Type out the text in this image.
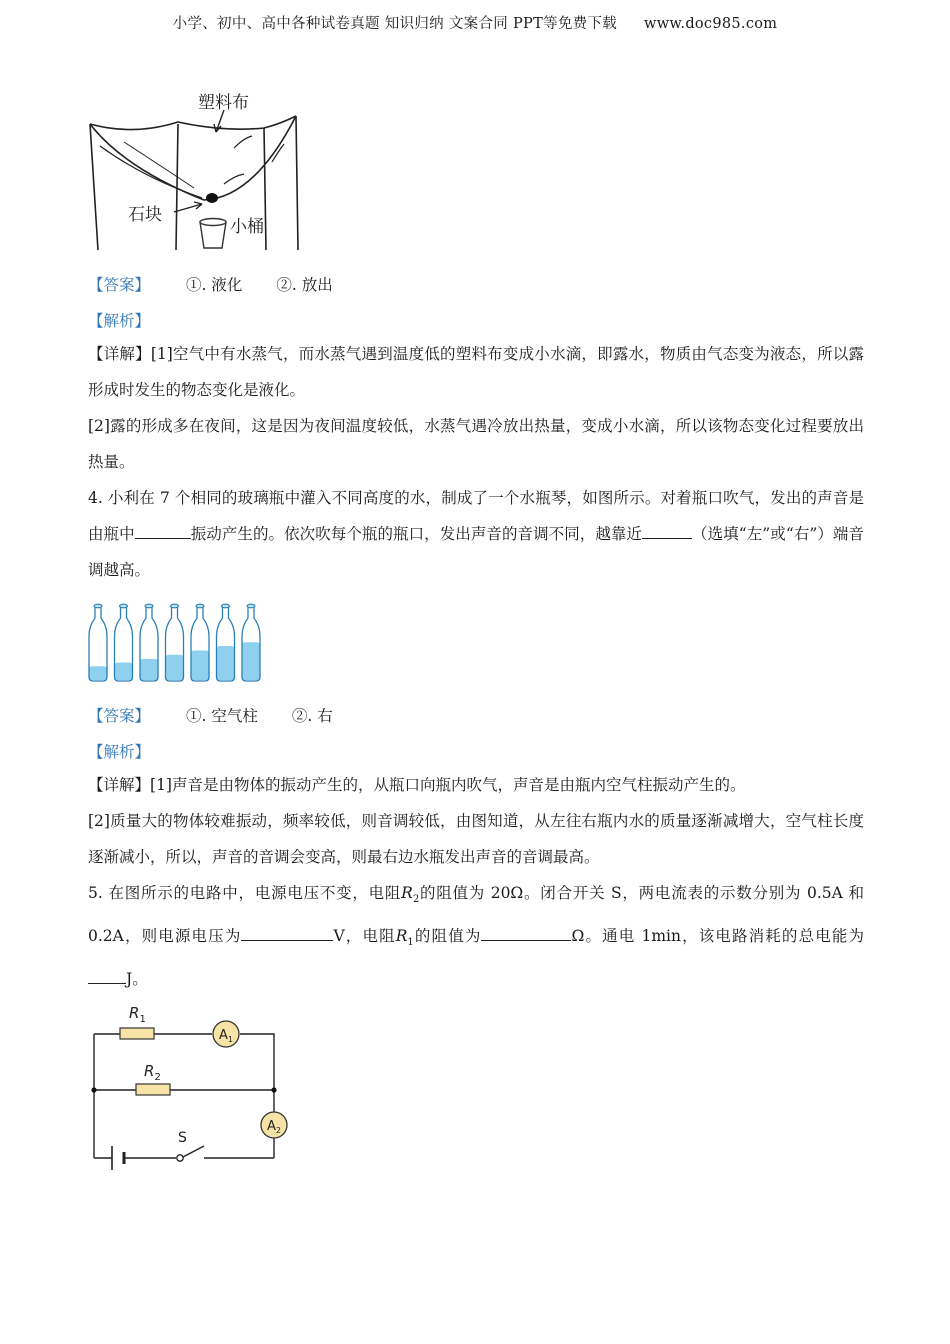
小学、初中、高中各种试卷真题 知识归纳 文案合同 PPT等免费下载 www.doc985.com
塑料布
石块
小桶
【答案】 ①. 液化 ②. 放出
【解析】
【详解】[1]空气中有水蒸气，而水蒸气遇到温度低的塑料布变成小水滴，即露水，物质由气态变为液态，所以露形成时发生的物态变化是液化。
[2]露的形成多在夜间，这是因为夜间温度较低，水蒸气遇冷放出热量，变成小水滴，所以该物态变化过程要放出热量。
4. 小利在 7 个相同的玻璃瓶中灌入不同高度的水，制成了一个水瓶琴，如图所示。对着瓶口吹气，发出的声音是由瓶中	振动产生的。依次吹每个瓶的瓶口，发出声音的音调不同，越靠近	（选填“左”或“右”）端音调越高。
【答案】 ①. 空气柱 ②. 右
【解析】
【详解】[1]声音是由物体的振动产生的，从瓶口向瓶内吹气，声音是由瓶内空气柱振动产生的。
[2]质量大的物体较难振动，频率较低，则音调较低，由图知道，从左往右瓶内水的质量逐渐减增大，空气柱长度逐渐减小，所以，声音的音调会变高，则最右边水瓶发出声音的音调最高。
5. 在图所示的电路中，电源电压不变，电阻$R_2$的阻值为 20Ω。闭合开关 S，两电流表的示数分别为 0.5A 和0.2A，则电源电压为	V，电阻$R_1$的阻值为	Ω。通电 1min，该电路消耗的总电能为J。
$R_1$
$R_2$
$A_1$
$A_2$
S
